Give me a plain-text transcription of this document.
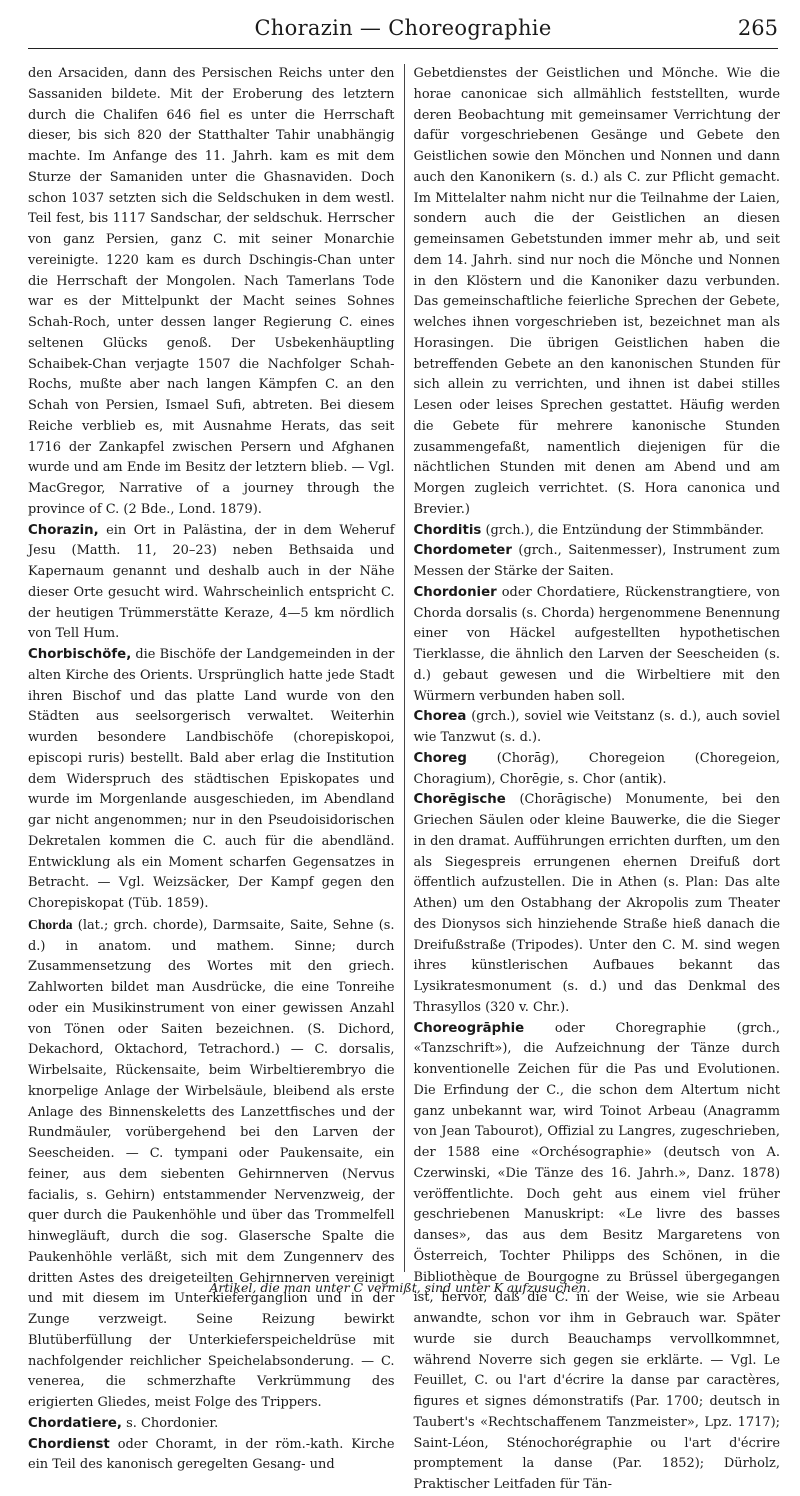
Chorazin — Choreographie	265

den Arsaciden, dann des Persischen Reichs unter den Sassaniden bildete. Mit der Eroberung des letztern durch die Chalifen 646 fiel es unter die Herrschaft dieser, bis sich 820 der Statthalter Tahir unabhängig machte. Im Anfange des 11. Jahrh. kam es mit dem Sturze der Samaniden unter die Ghasnaviden. Doch schon 1037 setzten sich die Seldschuken in dem westl. Teil fest, bis 1117 Sandschar, der seldschuk. Herrscher von ganz Persien, ganz C. mit seiner Monarchie vereinigte. 1220 kam es durch Dschingis-Chan unter die Herrschaft der Mongolen. Nach Tamerlans Tode war es der Mittelpunkt der Macht seines Sohnes Schah-Roch, unter dessen langer Regierung C. eines seltenen Glücks genoß. Der Usbekenhäuptling Schaibek-Chan verjagte 1507 die Nachfolger Schah-Rochs, mußte aber nach langen Kämpfen C. an den Schah von Persien, Ismael Sufi, abtreten. Bei diesem Reiche verblieb es, mit Ausnahme Herats, das seit 1716 der Zankapfel zwischen Persern und Afghanen wurde und am Ende im Besitz der letztern blieb. — Vgl. MacGregor, Narrative of a journey through the province of C. (2 Bde., Lond. 1879).

Chorazin, ein Ort in Palästina, der in dem Weheruf Jesu (Matth. 11, 20–23) neben Bethsaida und Kapernaum genannt und deshalb auch in der Nähe dieser Orte gesucht wird. Wahrscheinlich entspricht C. der heutigen Trümmerstätte Keraze, 4—5 km nördlich von Tell Hum.

Chorbischöfe, die Bischöfe der Landgemeinden in der alten Kirche des Orients. Ursprünglich hatte jede Stadt ihren Bischof und das platte Land wurde von den Städten aus seelsorgerisch verwaltet. Weiterhin wurden besondere Landbischöfe (chorepiskopoi, episcopi ruris) bestellt. Bald aber erlag die Institution dem Widerspruch des städtischen Episkopates und wurde im Morgenlande ausgeschieden, im Abendland gar nicht angenommen; nur in den Pseudoisidorischen Dekretalen kommen die C. auch für die abendländ. Entwicklung als ein Moment scharfen Gegensatzes in Betracht. — Vgl. Weizsäcker, Der Kampf gegen den Chorepiskopat (Tüb. 1859).

Chorda (lat.; grch. chorde), Darmsaite, Saite, Sehne (s. d.) in anatom. und mathem. Sinne; durch Zusammensetzung des Wortes mit den griech. Zahlworten bildet man Ausdrücke, die eine Tonreihe oder ein Musikinstrument von einer gewissen Anzahl von Tönen oder Saiten bezeichnen. (S. Dichord, Dekachord, Oktachord, Tetrachord.) — C. dorsalis, Wirbelsaite, Rückensaite, beim Wirbeltierembryo die knorpelige Anlage der Wirbelsäule, bleibend als erste Anlage des Binnenskeletts des Lanzettfisches und der Rundmäuler, vorübergehend bei den Larven der Seescheiden. — C. tympani oder Paukensaite, ein feiner, aus dem siebenten Gehirnnerven (Nervus facialis, s. Gehirn) entstammender Nervenzweig, der quer durch die Paukenhöhle und über das Trommelfell hinwegläuft, durch die sog. Glasersche Spalte die Paukenhöhle verläßt, sich mit dem Zungennerv des dritten Astes des dreigeteilten Gehirnnerven vereinigt und mit diesem im Unterkieferganglion und in der Zunge verzweigt. Seine Reizung bewirkt Blutüberfüllung der Unterkieferspeicheldrüse mit nachfolgender reichlicher Speichelabsonderung. — C. venerea, die schmerzhafte Verkrümmung des erigierten Gliedes, meist Folge des Trippers.

Chordatiere, s. Chordonier.

Chordienst oder Choramt, in der röm.-kath. Kirche ein Teil des kanonisch geregelten Gesang- und

Gebetdienstes der Geistlichen und Mönche. Wie die horae canonicae sich allmählich feststellten, wurde deren Beobachtung mit gemeinsamer Verrichtung der dafür vorgeschriebenen Gesänge und Gebete den Geistlichen sowie den Mönchen und Nonnen und dann auch den Kanonikern (s. d.) als C. zur Pflicht gemacht. Im Mittelalter nahm nicht nur die Teilnahme der Laien, sondern auch die der Geistlichen an diesen gemeinsamen Gebetstunden immer mehr ab, und seit dem 14. Jahrh. sind nur noch die Mönche und Nonnen in den Klöstern und die Kanoniker dazu verbunden. Das gemeinschaftliche feierliche Sprechen der Gebete, welches ihnen vorgeschrieben ist, bezeichnet man als Horasingen. Die übrigen Geistlichen haben die betreffenden Gebete an den kanonischen Stunden für sich allein zu verrichten, und ihnen ist dabei stilles Lesen oder leises Sprechen gestattet. Häufig werden die Gebete für mehrere kanonische Stunden zusammengefaßt, namentlich diejenigen für die nächtlichen Stunden mit denen am Abend und am Morgen zugleich verrichtet. (S. Hora canonica und Brevier.)

Chorditis (grch.), die Entzündung der Stimmbänder.

Chordometer (grch., Saitenmesser), Instrument zum Messen der Stärke der Saiten.

Chordonier oder Chordatiere, Rückenstrangtiere, von Chorda dorsalis (s. Chorda) hergenommene Benennung einer von Häckel aufgestellten hypothetischen Tierklasse, die ähnlich den Larven der Seescheiden (s. d.) gebaut gewesen und die Wirbeltiere mit den Würmern verbunden haben soll.

Chorea (grch.), soviel wie Veitstanz (s. d.), auch soviel wie Tanzwut (s. d.).

Choreg (Chorāg), Choregeion (Choregeion, Choragium), Chorēgie, s. Chor (antik).

Chorēgische (Chorāgische) Monumente, bei den Griechen Säulen oder kleine Bauwerke, die die Sieger in den dramat. Aufführungen errichten durften, um den als Siegespreis errungenen ehernen Dreifuß dort öffentlich aufzustellen. Die in Athen (s. Plan: Das alte Athen) um den Ostabhang der Akropolis zum Theater des Dionysos sich hinziehende Straße hieß danach die Dreifußstraße (Tripodes). Unter den C. M. sind wegen ihres künstlerischen Aufbaues bekannt das Lysikratesmonument (s. d.) und das Denkmal des Thrasyllos (320 v. Chr.).

Choreogrāphie oder Choregraphie (grch., «Tanzschrift»), die Aufzeichnung der Tänze durch konventionelle Zeichen für die Pas und Evolutionen. Die Erfindung der C., die schon dem Altertum nicht ganz unbekannt war, wird Toinot Arbeau (Anagramm von Jean Tabourot), Offizial zu Langres, zugeschrieben, der 1588 eine «Orchésographie» (deutsch von A. Czerwinski, «Die Tänze des 16. Jahrh.», Danz. 1878) veröffentlichte. Doch geht aus einem viel früher geschriebenen Manuskript: «Le livre des basses danses», das aus dem Besitz Margaretens von Österreich, Tochter Philipps des Schönen, in die Bibliothèque de Bourgogne zu Brüssel übergegangen ist, hervor, daß die C. in der Weise, wie sie Arbeau anwandte, schon vor ihm in Gebrauch war. Später wurde sie durch Beauchamps vervollkommnet, während Noverre sich gegen sie erklärte. — Vgl. Le Feuillet, C. ou l'art d'écrire la danse par caractères, figures et signes démonstratifs (Par. 1700; deutsch in Taubert's «Rechtschaffenem Tanzmeister», Lpz. 1717); Saint-Léon, Sténochorégraphie ou l'art d'écrire promptement la danse (Par. 1852); Dürholz, Praktischer Leitfaden für Tän-

Artikel, die man unter C vermißt, sind unter K aufzusuchen.
